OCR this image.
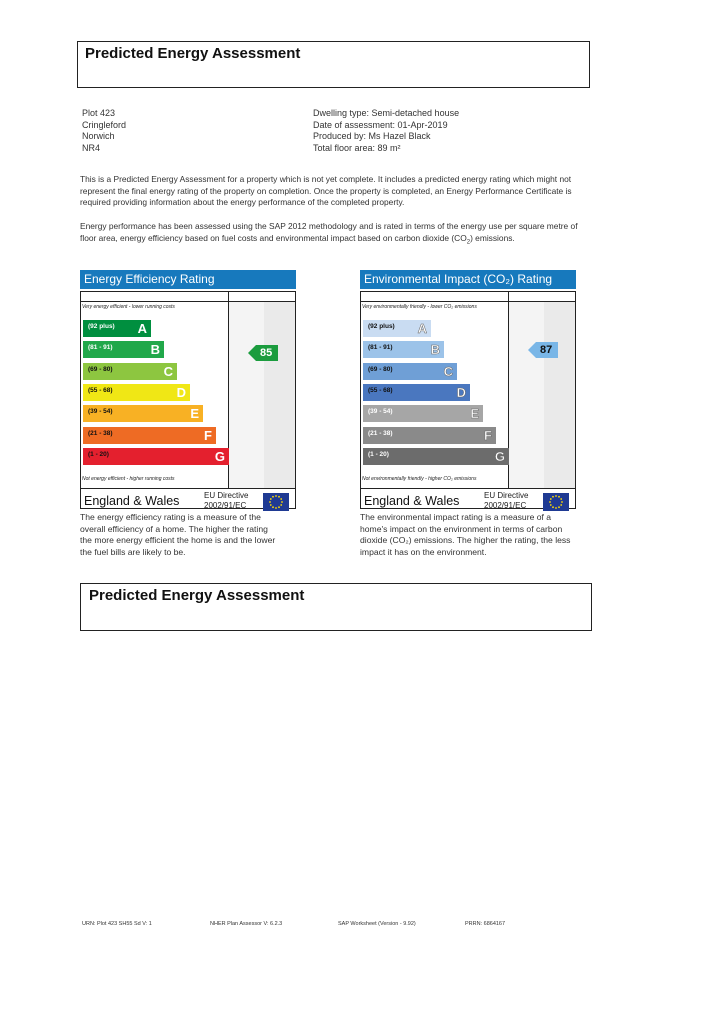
Predicted Energy Assessment
Plot 423
Cringleford
Norwich
NR4
Dwelling type: Semi-detached house
Date of assessment: 01-Apr-2019
Produced by: Ms Hazel Black
Total floor area: 89 m²
This is a Predicted Energy Assessment for a property which is not yet complete. It includes a predicted energy rating which might not represent the final energy rating of the property on completion. Once the property is completed, an Energy Performance Certificate is required providing information about the energy performance of the completed property.
Energy performance has been assessed using the SAP 2012 methodology and is rated in terms of the energy use per square metre of floor area, energy efficiency based on fuel costs and environmental impact based on carbon dioxide $(CO_2)$ emissions.
Energy Efficiency Rating
Very energy efficient - lower running costs
(92 plus) A
(81 - 91)	B
(69 - 80)	C
(55 - 68)	D
(39 - 54)	E
(21 - 38)	F
(1 - 20)	G
85
Not energy efficient - higher running costs
England & Wales	EU Directive
2002/91/EC
The energy efficiency rating is a measure of the
overall efficiency of a home. The higher the rating
the more energy efficient the home is and the lower
the fuel bills are likely to be.
Environmental Impact (CO₂) Rating
Very environmentally friendly - lower CO₂ emissions
(92 plus) A
(81 - 91)	B
(69 - 80)	C
(55 - 68)	D
(39 - 54)	E
(21 - 38)	F
(1 - 20)	G
87
Not environmentally friendly - higher CO₂ emissions
England & Wales	EU Directive
2002/91/EC
The environmental impact rating is a measure of a
home's impact on the environment in terms of carbon
dioxide (CO₂) emissions. The higher the rating, the less
impact it has on the environment.
Predicted Energy Assessment
URN: Plot 423 SH55 Sd V: 1	NHER Plan Assessor V: 6.2.3	SAP Worksheet (Version - 9.92)	PRRN: 6864167
